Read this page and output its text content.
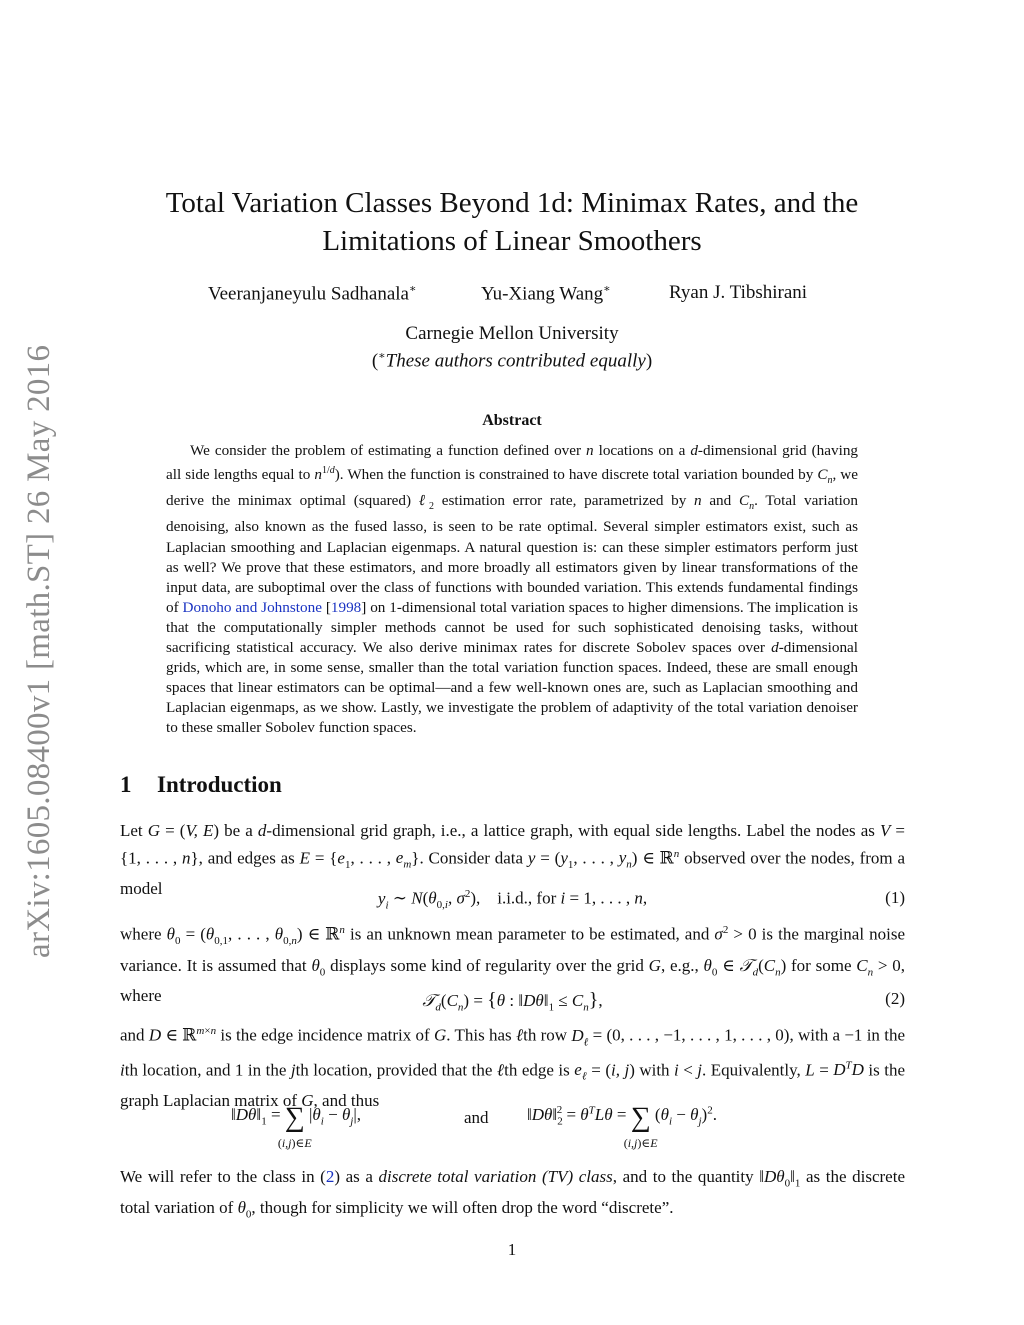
arXiv:1605.08400v1 [math.ST] 26 May 2016
Total Variation Classes Beyond 1d: Minimax Rates, and the
Limitations of Linear Smoothers
Veeranjaneyulu Sadhanala∗	Yu-Xiang Wang∗	Ryan J. Tibshirani
Carnegie Mellon University
(∗These authors contributed equally)
Abstract
We consider the problem of estimating a function defined over n locations on a d-dimensional grid (having all side lengths equal to $n^{1/d}$). When the function is constrained to have discrete total variation bounded by $C_n$, we derive the minimax optimal (squared) ℓ$_2$ estimation error rate, parametrized by n and $C_n$. Total variation denoising, also known as the fused lasso, is seen to be rate optimal. Several simpler estimators exist, such as Laplacian smoothing and Laplacian eigenmaps. A natural question is: can these simpler estimators perform just as well? We prove that these estimators, and more broadly all estimators given by linear transformations of the input data, are suboptimal over the class of functions with bounded variation. This extends fundamental findings of Donoho and Johnstone [1998] on 1-dimensional total variation spaces to higher dimensions. The implication is that the computationally simpler methods cannot be used for such sophisticated denoising tasks, without sacrificing statistical accuracy. We also derive minimax rates for discrete Sobolev spaces over d-dimensional grids, which are, in some sense, smaller than the total variation function spaces. Indeed, these are small enough spaces that linear estimators can be optimal—and a few well-known ones are, such as Laplacian smoothing and Laplacian eigenmaps, as we show. Lastly, we investigate the problem of adaptivity of the total variation denoiser to these smaller Sobolev function spaces.
1 Introduction
Let G = (V, E) be a d-dimensional grid graph, i.e., a lattice graph, with equal side lengths. Label the nodes as V = {1, . . . , n}, and edges as $E = \{e_1$, . . . , $e_m$}. Consider data $y = (y_1$, . . . , $y_n$) ∈ ℝ$^n$ observed over the nodes, from a model
$y_i$ ∼ $N(\theta_{0,i}$, $\sigma^2$),    i.i.d., for i = 1, . . . , n,	(1)
where $\theta_0 = (\theta_{0,1}$, . . . , $\theta_{0,n}$) ∈ ℝ$^n$ is an unknown mean parameter to be estimated, and $\sigma^2 > 0$ is the marginal noise variance. It is assumed that $\theta_0$ displays some kind of regularity over the grid G, e.g., $\theta_0$ ∈ $𝒯_d(C_n)$ for some $C_n > 0$, where	$𝒯_d(C_n) = \{\theta$ : $‖D\theta‖_1 \le C_n$},	(2)
and D ∈ ℝ$^{m\times n}$ is the edge incidence matrix of G. This has ℓth row $D_\ell = (0$, . . . , −1, . . . , 1, . . . , 0), with a −1 in the ith location, and 1 in the jth location, provided that the ℓth edge is $e_\ell = (i$, j) with i < j. Equivalently, $L = D^TD$ is the graph Laplacian matrix of G, and thus
$‖D\theta‖_1$ = ∑
(i,j)∈E
$|\theta_i - \theta_j|$,	and $‖D\theta‖_2^2 = \theta^TL\theta$ = ∑
(i,j)∈E
$(\theta_i - \theta_j)^2$.
We will refer to the class in (2) as a discrete total variation (TV) class, and to the quantity $‖D\theta_0‖_1$ as the discrete total variation of $\theta_0$, though for simplicity we will often drop the word “discrete”.
1
